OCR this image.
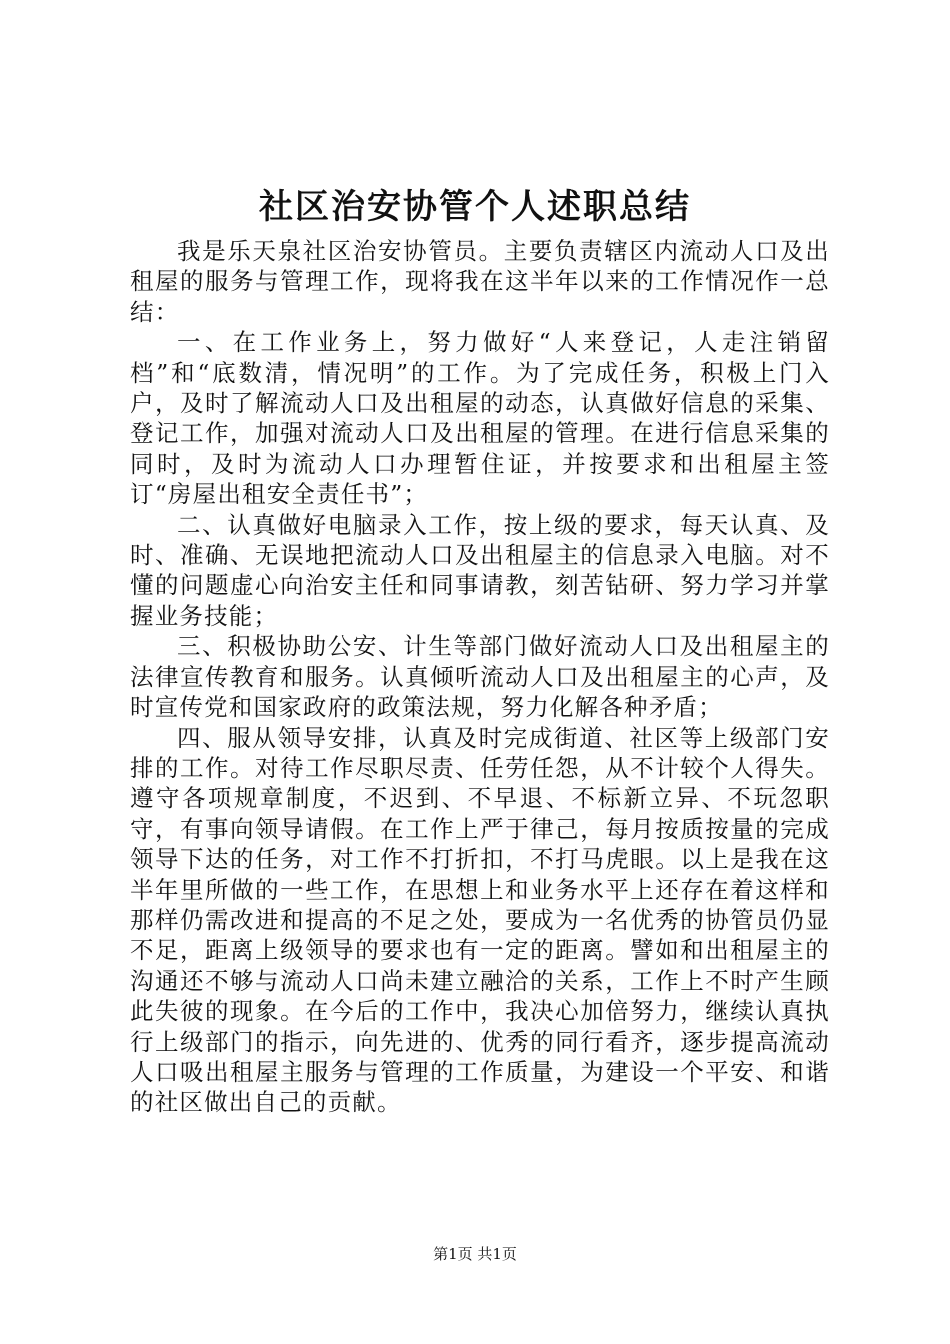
社区治安协管个人述职总结

我是乐天泉社区治安协管员。主要负责辖区内流动人口及出租屋的服务与管理工作，现将我在这半年以来的工作情况作一总结：

一、在工作业务上，努力做好“人来登记，人走注销留档”和“底数清，情况明”的工作。为了完成任务，积极上门入户，及时了解流动人口及出租屋的动态，认真做好信息的采集、登记工作，加强对流动人口及出租屋的管理。在进行信息采集的同时，及时为流动人口办理暂住证，并按要求和出租屋主签订“房屋出租安全责任书”；

二、认真做好电脑录入工作，按上级的要求，每天认真、及时、准确、无误地把流动人口及出租屋主的信息录入电脑。对不懂的问题虚心向治安主任和同事请教，刻苦钻研、努力学习并掌握业务技能；

三、积极协助公安、计生等部门做好流动人口及出租屋主的法律宣传教育和服务。认真倾听流动人口及出租屋主的心声，及时宣传党和国家政府的政策法规，努力化解各种矛盾；

四、服从领导安排，认真及时完成街道、社区等上级部门安排的工作。对待工作尽职尽责、任劳任怨，从不计较个人得失。遵守各项规章制度，不迟到、不早退、不标新立异、不玩忽职守，有事向领导请假。在工作上严于律己，每月按质按量的完成领导下达的任务，对工作不打折扣，不打马虎眼。以上是我在这半年里所做的一些工作，在思想上和业务水平上还存在着这样和那样仍需改进和提高的不足之处，要成为一名优秀的协管员仍显不足，距离上级领导的要求也有一定的距离。譬如和出租屋主的沟通还不够与流动人口尚未建立融洽的关系，工作上不时产生顾此失彼的现象。在今后的工作中，我决心加倍努力，继续认真执行上级部门的指示，向先进的、优秀的同行看齐，逐步提高流动人口吸出租屋主服务与管理的工作质量，为建设一个平安、和谐的社区做出自己的贡献。

第1页 共1页
